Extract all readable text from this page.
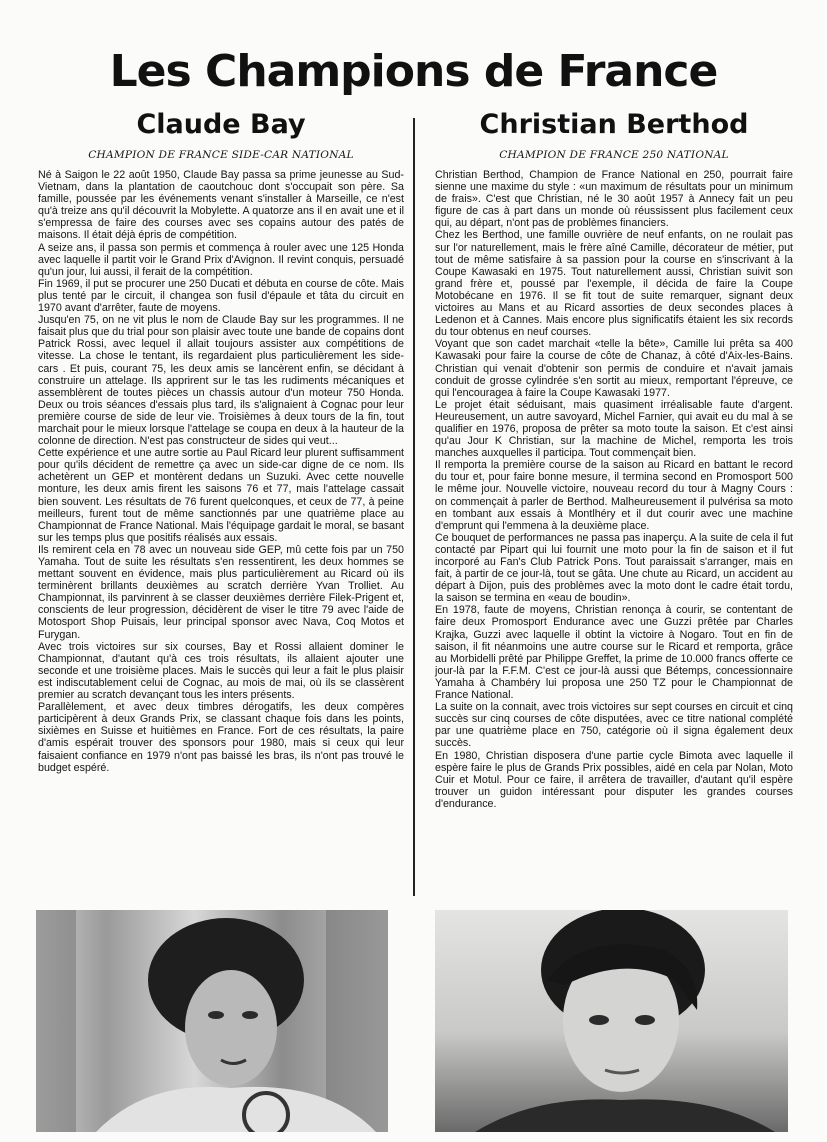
Les Champions de France
Claude Bay
CHAMPION DE FRANCE SIDE-CAR NATIONAL

Né à Saigon le 22 août 1950, Claude Bay passa sa prime jeunesse au Sud-Vietnam, dans la plantation de caoutchouc dont s'occupait son père. Sa famille, poussée par les événements venant s'installer à Marseille, ce n'est qu'à treize ans qu'il découvrit la Mobylette. A quatorze ans il en avait une et il s'empressa de faire des courses avec ses copains autour des patés de maisons. Il était déjà épris de compétition.

A seize ans, il passa son permis et commença à rouler avec une 125 Honda avec laquelle il partit voir le Grand Prix d'Avignon. Il revint conquis, persuadé qu'un jour, lui aussi, il ferait de la compétition.

Fin 1969, il put se procurer une 250 Ducati et débuta en course de côte. Mais plus tenté par le circuit, il changea son fusil d'épaule et tâta du circuit en 1970 avant d'arrêter, faute de moyens.

Jusqu'en 75, on ne vit plus le nom de Claude Bay sur les programmes. Il ne faisait plus que du trial pour son plaisir avec toute une bande de copains dont Patrick Rossi, avec lequel il allait toujours assister aux compétitions de vitesse. La chose le tentant, ils regardaient plus particulièrement les side-cars . Et puis, courant 75, les deux amis se lancèrent enfin, se décidant à construire un attelage. Ils apprirent sur le tas les rudiments mécaniques et assemblèrent de toutes pièces un chassis autour d'un moteur 750 Honda. Deux ou trois séances d'essais plus tard, ils s'alignaient à Cognac pour leur première course de side de leur vie. Troisièmes à deux tours de la fin, tout marchait pour le mieux lorsque l'attelage se coupa en deux à la hauteur de la colonne de direction. N'est pas constructeur de sides qui veut...

Cette expérience et une autre sortie au Paul Ricard leur plurent suffisamment pour qu'ils décident de remettre ça avec un side-car digne de ce nom. Ils achetèrent un GEP et montèrent dedans un Suzuki. Avec cette nouvelle monture, les deux amis firent les saisons 76 et 77, mais l'attelage cassait bien souvent. Les résultats de 76 furent quelconques, et ceux de 77, à peine meilleurs, furent tout de même sanctionnés par une quatrième place au Championnat de France National. Mais l'équipage gardait le moral, se basant sur les temps plus que positifs réalisés aux essais.

Ils remirent cela en 78 avec un nouveau side GEP, mû cette fois par un 750 Yamaha. Tout de suite les résultats s'en ressentirent, les deux hommes se mettant souvent en évidence, mais plus particulièrement au Ricard où ils terminèrent brillants deuxièmes au scratch derrière Yvan Trolliet. Au Championnat, ils parvinrent à se classer deuxièmes derrière Filek-Prigent et, conscients de leur progression, décidèrent de viser le titre 79 avec l'aide de Motosport Shop Puisais, leur principal sponsor avec Nava, Coq Motos et Furygan.

Avec trois victoires sur six courses, Bay et Rossi allaient dominer le Championnat, d'autant qu'à ces trois résultats, ils allaient ajouter une seconde et une troisième places. Mais le succès qui leur a fait le plus plaisir est indiscutablement celui de Cognac, au mois de mai, où ils se classèrent premier au scratch devançant tous les inters présents.

Parallèlement, et avec deux timbres dérogatifs, les deux compères participèrent à deux Grands Prix, se classant chaque fois dans les points, sixièmes en Suisse et huitièmes en France. Fort de ces résultats, la paire d'amis espérait trouver des sponsors pour 1980, mais si ceux qui leur faisaient confiance en 1979 n'ont pas baissé les bras, ils n'ont pas trouvé le budget espéré.

Christian Berthod
CHAMPION DE FRANCE 250 NATIONAL

Christian Berthod, Champion de France National en 250, pourrait faire sienne une maxime du style : «un maximum de résultats pour un minimum de frais». C'est que Christian, né le 30 août 1957 à Annecy fait un peu figure de cas à part dans un monde où réussissent plus facilement ceux qui, au départ, n'ont pas de problèmes financiers.

Chez les Berthod, une famille ouvrière de neuf enfants, on ne roulait pas sur l'or naturellement, mais le frère aîné Camille, décorateur de métier, put tout de même satisfaire à sa passion pour la course en s'inscrivant à la Coupe Kawasaki en 1975. Tout naturellement aussi, Christian suivit son grand frère et, poussé par l'exemple, il décida de faire la Coupe Motobécane en 1976. Il se fit tout de suite remarquer, signant deux victoires au Mans et au Ricard assorties de deux secondes places à Ledenon et à Cannes. Mais encore plus significatifs étaient les six records du tour obtenus en neuf courses.

Voyant que son cadet marchait «telle la bête», Camille lui prêta sa 400 Kawasaki pour faire la course de côte de Chanaz, à côté d'Aix-les-Bains. Christian qui venait d'obtenir son permis de conduire et n'avait jamais conduit de grosse cylindrée s'en sortit au mieux, remportant l'épreuve, ce qui l'encouragea à faire la Coupe Kawasaki 1977.

Le projet était séduisant, mais quasiment irréalisable faute d'argent. Heureusement, un autre savoyard, Michel Farnier, qui avait eu du mal à se qualifier en 1976, proposa de prêter sa moto toute la saison. Et c'est ainsi qu'au Jour K Christian, sur la machine de Michel, remporta les trois manches auxquelles il participa. Tout commençait bien.

Il remporta la première course de la saison au Ricard en battant le record du tour et, pour faire bonne mesure, il termina second en Promosport 500 le même jour. Nouvelle victoire, nouveau record du tour à Magny Cours : on commençait à parler de Berthod. Malheureusement il pulvérisa sa moto en tombant aux essais à Montlhéry et il dut courir avec une machine d'emprunt qui l'emmena à la deuxième place.

Ce bouquet de performances ne passa pas inaperçu. A la suite de cela il fut contacté par Pipart qui lui fournit une moto pour la fin de saison et il fut incorporé au Fan's Club Patrick Pons. Tout paraissait s'arranger, mais en fait, à partir de ce jour-là, tout se gâta. Une chute au Ricard, un accident au départ à Dijon, puis des problèmes avec la moto dont le cadre était tordu, la saison se termina en «eau de boudin».

En 1978, faute de moyens, Christian renonça à courir, se contentant de faire deux Promosport Endurance avec une Guzzi prêtée par Charles Krajka, Guzzi avec laquelle il obtint la victoire à Nogaro. Tout en fin de saison, il fit néanmoins une autre course sur le Ricard et remporta, grâce au Morbidelli prêté par Philippe Greffet, la prime de 10.000 francs offerte ce jour-là par la F.F.M. C'est ce jour-là aussi que Bétemps, concessionnaire Yamaha à Chambéry lui proposa une 250 TZ pour le Championnat de France National.

La suite on la connait, avec trois victoires sur sept courses en circuit et cinq succès sur cinq courses de côte disputées, avec ce titre national complété par une quatrième place en 750, catégorie où il signa également deux succès.

En 1980, Christian disposera d'une partie cycle Bimota avec laquelle il espère faire le plus de Grands Prix possibles, aidé en cela par Nolan, Moto Cuir et Motul. Pour ce faire, il arrêtera de travailler, d'autant qu'il espère trouver un guidon intéressant pour disputer les grandes courses d'endurance.
